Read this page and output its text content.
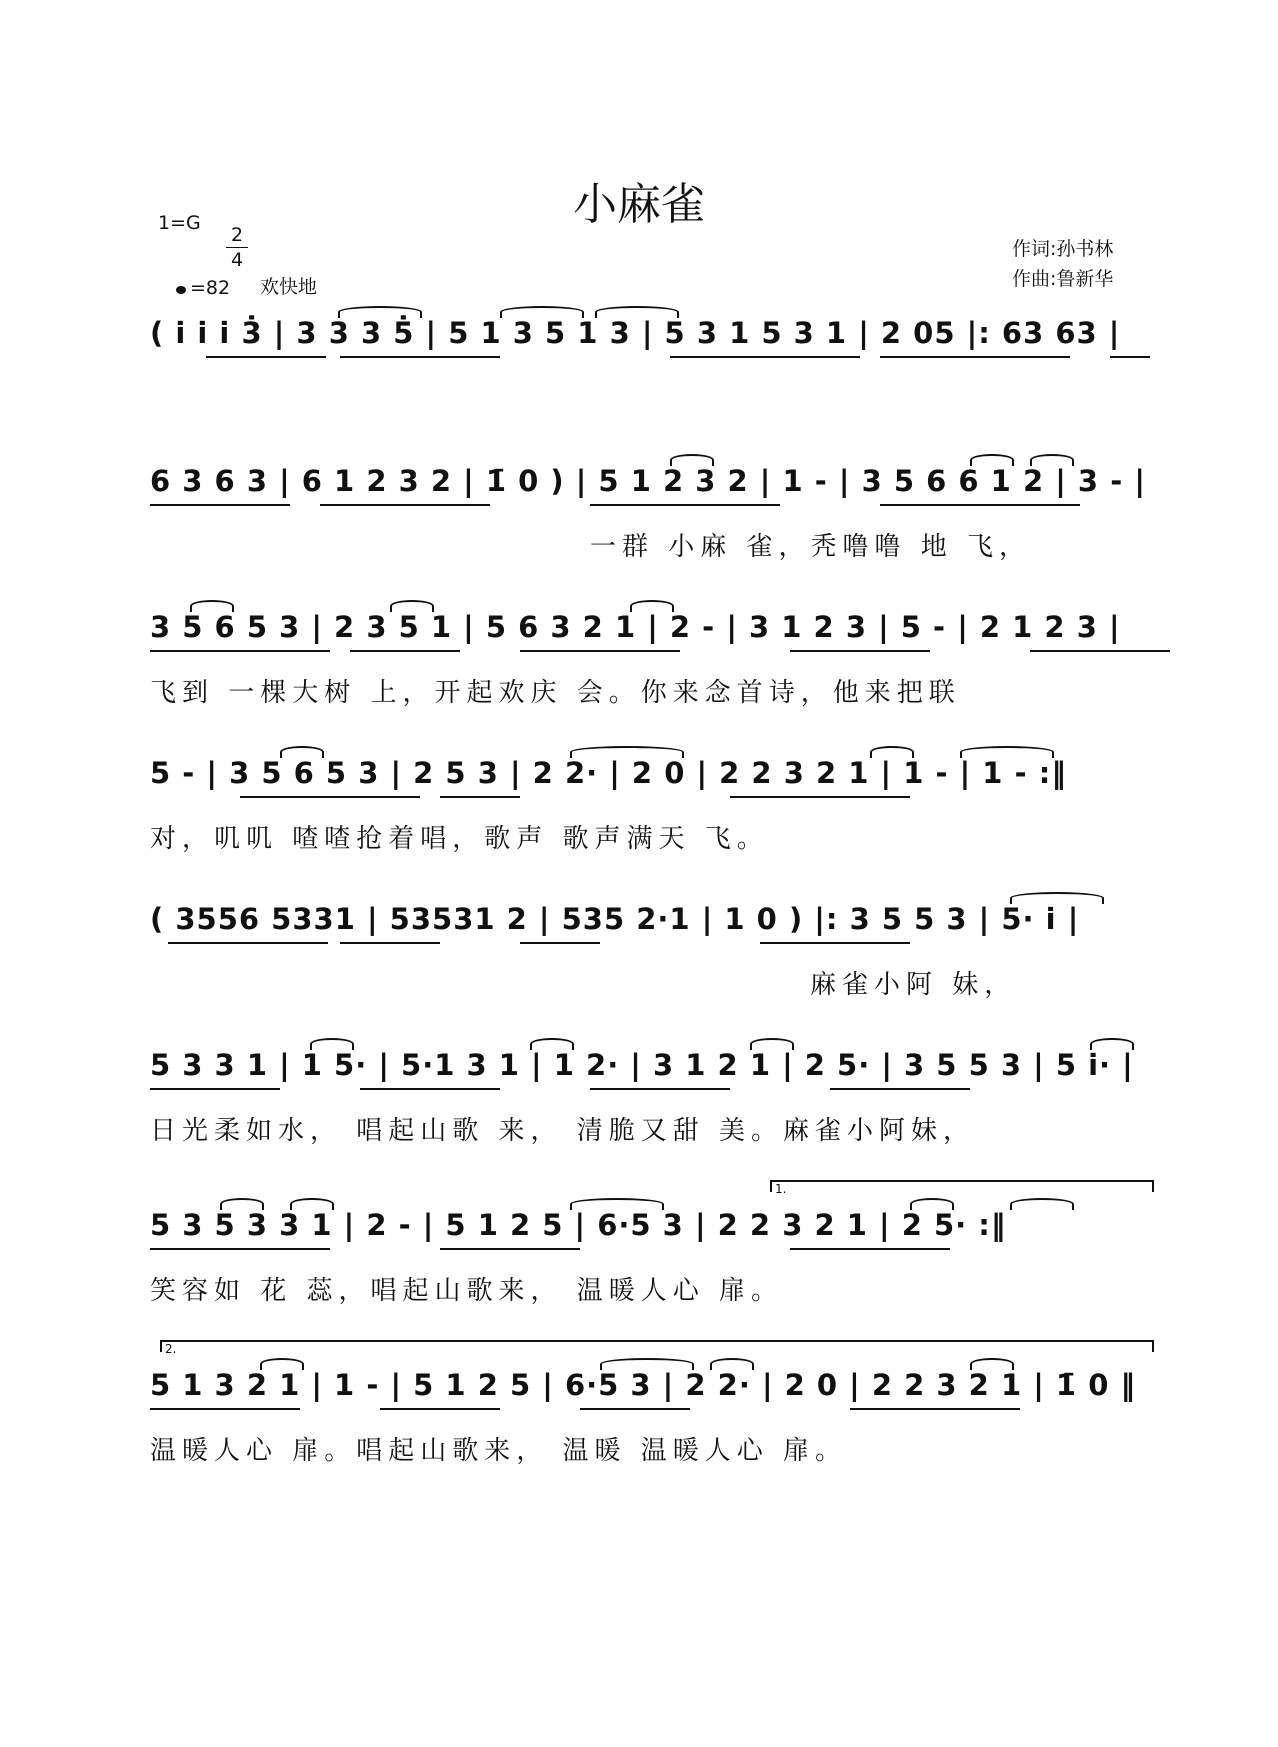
小麻雀
1=G
2
4
=82 欢快地
作词:孙书林
作曲:鲁新华
( i̇ i̇ i̇ 3̇ | 3 3 3 5̇ | 5 1 3 5 1 3 | 5 3 1 5 3 1 | 2 05 |: 63 63 |
6 3 6 3 | 6 1 2 3 2 | 1̄ 0 ) | 5 1 2 3 2 | 1 - | 3 5 6 6 1 2 | 3 - |
一群 小麻 雀，秃噜噜 地 飞，
3 5 6 5 3 | 2 3 5 1 | 5 6 3 2 1 | 2 - | 3 1 2 3 | 5 - | 2 1 2 3 |
飞到 一棵大树 上，开起欢庆 会。你来念首诗，他来把联
5 - | 3 5 6 5 3 | 2 5 3 | 2 2· | 2 0 | 2 2 3 2 1 | 1 - | 1 - :‖
对，叽叽 喳喳抢着唱，歌声 歌声满天 飞。
( 3556 5331 | 53531 2 | 535 2·1 | 1 0 ) |: 3 5 5 3 | 5· i̇ |
麻雀小阿 妹，
5 3 3 1 | 1 5· | 5·1 3 1 | 1 2· | 3 1 2 1 | 2 5· | 3 5 5 3 | 5 i̇· |
日光柔如水， 唱起山歌 来， 清脆又甜 美。麻雀小阿妹，
1.
5 3 5 3 3 1 | 2 - | 5 1 2 5 | 6·5 3 | 2 2 3 2 1 | 2 5· :‖
笑容如 花 蕊，唱起山歌来， 温暖人心 扉。
2.
5 1 3 2 1 | 1 - | 5 1 2 5 | 6·5 3 | 2 2· | 2 0 | 2 2 3 2 1 | 1̄ 0 ‖
温暖人心 扉。唱起山歌来， 温暖 温暖人心 扉。
